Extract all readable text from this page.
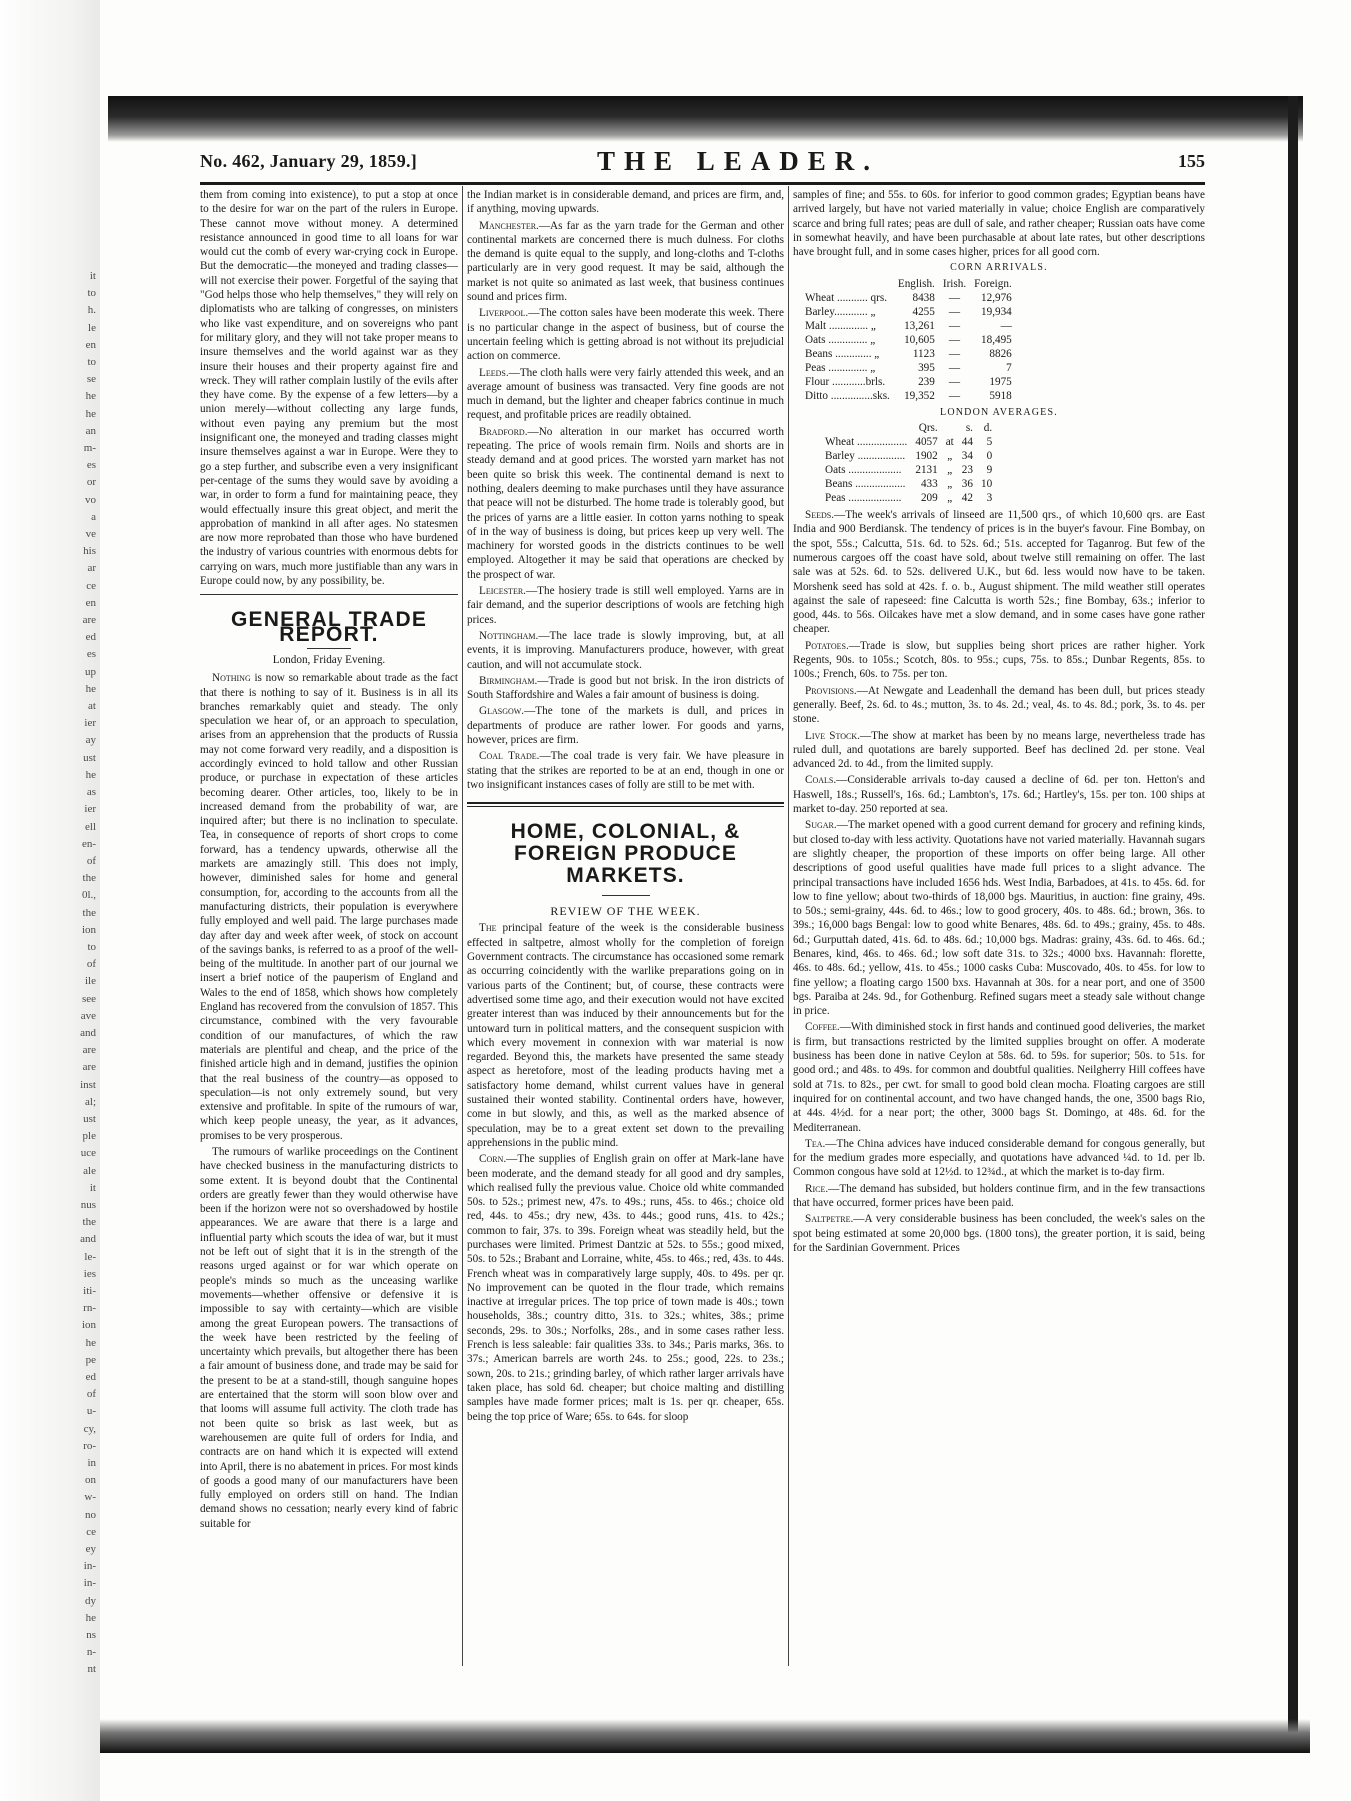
it
to
h.
le
en
to
se
he
he
an
m-
es
or
vo
a
ve
his
ar
ce
en
are
ed
es
up
he
at
ier
ay
ust
he
as
ier
ell
en-
of
the
0l.,
the
ion
to
of
ile
see
ave
and
are
are
inst
al;
ust
ple
uce
ale
it
nus
the
and
le-
ies
iti-
rn-
ion
he
pe
ed
of
u-
cy,
ro-
in
on
w-
no
ce
ey
in-
in-
dy
he
ns
n-
nt
No. 462, January 29, 1859.]	THE LEADER.	155

them from coming into existence), to put a stop at once to the desire for war on the part of the rulers in Europe. These cannot move without money. A determined resistance announced in good time to all loans for war would cut the comb of every war-crying cock in Europe. But the democratic—the moneyed and trading classes—will not exercise their power. Forgetful of the saying that "God helps those who help themselves," they will rely on diplomatists who are talking of congresses, on ministers who like vast expenditure, and on sovereigns who pant for military glory, and they will not take proper means to insure themselves and the world against war as they insure their houses and their property against fire and wreck. They will rather complain lustily of the evils after they have come. By the expense of a few letters—by a union merely—without collecting any large funds, without even paying any premium but the most insignificant one, the moneyed and trading classes might insure themselves against a war in Europe. Were they to go a step further, and subscribe even a very insignificant per-centage of the sums they would save by avoiding a war, in order to form a fund for maintaining peace, they would effectually insure this great object, and merit the approbation of mankind in all after ages. No statesmen are now more reprobated than those who have burdened the industry of various countries with enormous debts for carrying on wars, much more justifiable than any wars in Europe could now, by any possibility, be.

GENERAL TRADE REPORT.
London, Friday Evening.

Nothing is now so remarkable about trade as the fact that there is nothing to say of it. Business is in all its branches remarkably quiet and steady. The only speculation we hear of, or an approach to speculation, arises from an apprehension that the products of Russia may not come forward very readily, and a disposition is accordingly evinced to hold tallow and other Russian produce, or purchase in expectation of these articles becoming dearer. Other articles, too, likely to be in increased demand from the probability of war, are inquired after; but there is no inclination to speculate. Tea, in consequence of reports of short crops to come forward, has a tendency upwards, otherwise all the markets are amazingly still. This does not imply, however, diminished sales for home and general consumption, for, according to the accounts from all the manufacturing districts, their population is everywhere fully employed and well paid. The large purchases made day after day and week after week, of stock on account of the savings banks, is referred to as a proof of the well-being of the multitude. In another part of our journal we insert a brief notice of the pauperism of England and Wales to the end of 1858, which shows how completely England has recovered from the convulsion of 1857. This circumstance, combined with the very favourable condition of our manufactures, of which the raw materials are plentiful and cheap, and the price of the finished article high and in demand, justifies the opinion that the real business of the country—as opposed to speculation—is not only extremely sound, but very extensive and profitable. In spite of the rumours of war, which keep people uneasy, the year, as it advances, promises to be very prosperous.

The rumours of warlike proceedings on the Continent have checked business in the manufacturing districts to some extent. It is beyond doubt that the Continental orders are greatly fewer than they would otherwise have been if the horizon were not so overshadowed by hostile appearances. We are aware that there is a large and influential party which scouts the idea of war, but it must not be left out of sight that it is in the strength of the reasons urged against or for war which operate on people's minds so much as the unceasing warlike movements—whether offensive or defensive it is impossible to say with certainty—which are visible among the great European powers. The transactions of the week have been restricted by the feeling of uncertainty which prevails, but altogether there has been a fair amount of business done, and trade may be said for the present to be at a stand-still, though sanguine hopes are entertained that the storm will soon blow over and that looms will assume full activity. The cloth trade has not been quite so brisk as last week, but as warehousemen are quite full of orders for India, and contracts are on hand which it is expected will extend into April, there is no abatement in prices. For most kinds of goods a good many of our manufacturers have been fully employed on orders still on hand. The Indian demand shows no cessation; nearly every kind of fabric suitable for

the Indian market is in considerable demand, and prices are firm, and, if anything, moving upwards.

Manchester.—As far as the yarn trade for the German and other continental markets are concerned there is much dulness. For cloths the demand is quite equal to the supply, and long-cloths and T-cloths particularly are in very good request. It may be said, although the market is not quite so animated as last week, that business continues sound and prices firm.

Liverpool.—The cotton sales have been moderate this week. There is no particular change in the aspect of business, but of course the uncertain feeling which is getting abroad is not without its prejudicial action on commerce.

Leeds.—The cloth halls were very fairly attended this week, and an average amount of business was transacted. Very fine goods are not much in demand, but the lighter and cheaper fabrics continue in much request, and profitable prices are readily obtained.

Bradford.—No alteration in our market has occurred worth repeating. The price of wools remain firm. Noils and shorts are in steady demand and at good prices. The worsted yarn market has not been quite so brisk this week. The continental demand is next to nothing, dealers deeming to make purchases until they have assurance that peace will not be disturbed. The home trade is tolerably good, but the prices of yarns are a little easier. In cotton yarns nothing to speak of in the way of business is doing, but prices keep up very well. The machinery for worsted goods in the districts continues to be well employed. Altogether it may be said that operations are checked by the prospect of war.

Leicester.—The hosiery trade is still well employed. Yarns are in fair demand, and the superior descriptions of wools are fetching high prices.

Nottingham.—The lace trade is slowly improving, but, at all events, it is improving. Manufacturers produce, however, with great caution, and will not accumulate stock.

Birmingham.—Trade is good but not brisk. In the iron districts of South Staffordshire and Wales a fair amount of business is doing.

Glasgow.—The tone of the markets is dull, and prices in departments of produce are rather lower. For goods and yarns, however, prices are firm.

Coal Trade.—The coal trade is very fair. We have pleasure in stating that the strikes are reported to be at an end, though in one or two insignificant instances cases of folly are still to be met with.

HOME, COLONIAL, & FOREIGN PRODUCE MARKETS.
REVIEW OF THE WEEK.

The principal feature of the week is the considerable business effected in saltpetre, almost wholly for the completion of foreign Government contracts. The circumstance has occasioned some remark as occurring coincidently with the warlike preparations going on in various parts of the Continent; but, of course, these contracts were advertised some time ago, and their execution would not have excited greater interest than was induced by their announcements but for the untoward turn in political matters, and the consequent suspicion with which every movement in connexion with war material is now regarded. Beyond this, the markets have presented the same steady aspect as heretofore, most of the leading products having met a satisfactory home demand, whilst current values have in general sustained their wonted stability. Continental orders have, however, come in but slowly, and this, as well as the marked absence of speculation, may be to a great extent set down to the prevailing apprehensions in the public mind.

Corn.—The supplies of English grain on offer at Mark-lane have been moderate, and the demand steady for all good and dry samples, which realised fully the previous value. Choice old white commanded 50s. to 52s.; primest new, 47s. to 49s.; runs, 45s. to 46s.; choice old red, 44s. to 45s.; dry new, 43s. to 44s.; good runs, 41s. to 42s.; common to fair, 37s. to 39s. Foreign wheat was steadily held, but the purchases were limited. Primest Dantzic at 52s. to 55s.; good mixed, 50s. to 52s.; Brabant and Lorraine, white, 45s. to 46s.; red, 43s. to 44s. French wheat was in comparatively large supply, 40s. to 49s. per qr. No improvement can be quoted in the flour trade, which remains inactive at irregular prices. The top price of town made is 40s.; town households, 38s.; country ditto, 31s. to 32s.; whites, 38s.; prime seconds, 29s. to 30s.; Norfolks, 28s., and in some cases rather less. French is less saleable: fair qualities 33s. to 34s.; Paris marks, 36s. to 37s.; American barrels are worth 24s. to 25s.; good, 22s. to 23s.; sown, 20s. to 21s.; grinding barley, of which rather larger arrivals have taken place, has sold 6d. cheaper; but choice malting and distilling samples have made former prices; malt is 1s. per qr. cheaper, 65s. being the top price of Ware; 65s. to 64s. for sloop

samples of fine; and 55s. to 60s. for inferior to good common grades; Egyptian beans have arrived largely, but have not varied materially in value; choice English are comparatively scarce and bring full rates; peas are dull of sale, and rather cheaper; Russian oats have come in somewhat heavily, and have been purchasable at about late rates, but other descriptions have brought full, and in some cases higher, prices for all good corn.

CORN ARRIVALS.
	English.	Irish.	Foreign.
Wheat ........... qrs.	8438	—	12,976
Barley............ „	4255	—	19,934
Malt .............. „	13,261	—	—
Oats .............. „	10,605	—	18,495
Beans ............. „	1123	—	8826
Peas .............. „	395	—	7
Flour ............brls.	239	—	1975
Ditto ...............sks.	19,352	—	5918
LONDON AVERAGES.
	Qrs.		s.	d.
Wheat ..................	4057	at	44	5
Barley .................	1902	„	34	0
Oats ...................	2131	„	23	9
Beans ..................	433	„	36	10
Peas ...................	209	„	42	3

Seeds.—The week's arrivals of linseed are 11,500 qrs., of which 10,600 qrs. are East India and 900 Berdiansk. The tendency of prices is in the buyer's favour. Fine Bombay, on the spot, 55s.; Calcutta, 51s. 6d. to 52s. 6d.; 51s. accepted for Taganrog. But few of the numerous cargoes off the coast have sold, about twelve still remaining on offer. The last sale was at 52s. 6d. to 52s. delivered U.K., but 6d. less would now have to be taken. Morshenk seed has sold at 42s. f. o. b., August shipment. The mild weather still operates against the sale of rapeseed: fine Calcutta is worth 52s.; fine Bombay, 63s.; inferior to good, 44s. to 56s. Oilcakes have met a slow demand, and in some cases have gone rather cheaper.

Potatoes.—Trade is slow, but supplies being short prices are rather higher. York Regents, 90s. to 105s.; Scotch, 80s. to 95s.; cups, 75s. to 85s.; Dunbar Regents, 85s. to 100s.; French, 60s. to 75s. per ton.

Provisions.—At Newgate and Leadenhall the demand has been dull, but prices steady generally. Beef, 2s. 6d. to 4s.; mutton, 3s. to 4s. 2d.; veal, 4s. to 4s. 8d.; pork, 3s. to 4s. per stone.

Live Stock.—The show at market has been by no means large, nevertheless trade has ruled dull, and quotations are barely supported. Beef has declined 2d. per stone. Veal advanced 2d. to 4d., from the limited supply.

Coals.—Considerable arrivals to-day caused a decline of 6d. per ton. Hetton's and Haswell, 18s.; Russell's, 16s. 6d.; Lambton's, 17s. 6d.; Hartley's, 15s. per ton. 100 ships at market to-day. 250 reported at sea.

Sugar.—The market opened with a good current demand for grocery and refining kinds, but closed to-day with less activity. Quotations have not varied materially. Havannah sugars are slightly cheaper, the proportion of these imports on offer being large. All other descriptions of good useful qualities have made full prices to a slight advance. The principal transactions have included 1656 hds. West India, Barbadoes, at 41s. to 45s. 6d. for low to fine yellow; about two-thirds of 18,000 bgs. Mauritius, in auction: fine grainy, 49s. to 50s.; semi-grainy, 44s. 6d. to 46s.; low to good grocery, 40s. to 48s. 6d.; brown, 36s. to 39s.; 16,000 bags Bengal: low to good white Benares, 48s. 6d. to 49s.; grainy, 45s. to 48s. 6d.; Gurputtah dated, 41s. 6d. to 48s. 6d.; 10,000 bgs. Madras: grainy, 43s. 6d. to 46s. 6d.; Benares, kind, 46s. to 46s. 6d.; low soft date 31s. to 32s.; 4000 bxs. Havannah: florette, 46s. to 48s. 6d.; yellow, 41s. to 45s.; 1000 casks Cuba: Muscovado, 40s. to 45s. for low to fine yellow; a floating cargo 1500 bxs. Havannah at 30s. for a near port, and one of 3500 bgs. Paraiba at 24s. 9d., for Gothenburg. Refined sugars meet a steady sale without change in price.

Coffee.—With diminished stock in first hands and continued good deliveries, the market is firm, but transactions restricted by the limited supplies brought on offer. A moderate business has been done in native Ceylon at 58s. 6d. to 59s. for superior; 50s. to 51s. for good ord.; and 48s. to 49s. for common and doubtful qualities. Neilgherry Hill coffees have sold at 71s. to 82s., per cwt. for small to good bold clean mocha. Floating cargoes are still inquired for on continental account, and two have changed hands, the one, 3500 bags Rio, at 44s. 4½d. for a near port; the other, 3000 bags St. Domingo, at 48s. 6d. for the Mediterranean.

Tea.—The China advices have induced considerable demand for congous generally, but for the medium grades more especially, and quotations have advanced ¼d. to 1d. per lb. Common congous have sold at 12½d. to 12¾d., at which the market is to-day firm.

Rice.—The demand has subsided, but holders continue firm, and in the few transactions that have occurred, former prices have been paid.

Saltpetre.—A very considerable business has been concluded, the week's sales on the spot being estimated at some 20,000 bgs. (1800 tons), the greater portion, it is said, being for the Sardinian Government. Prices
